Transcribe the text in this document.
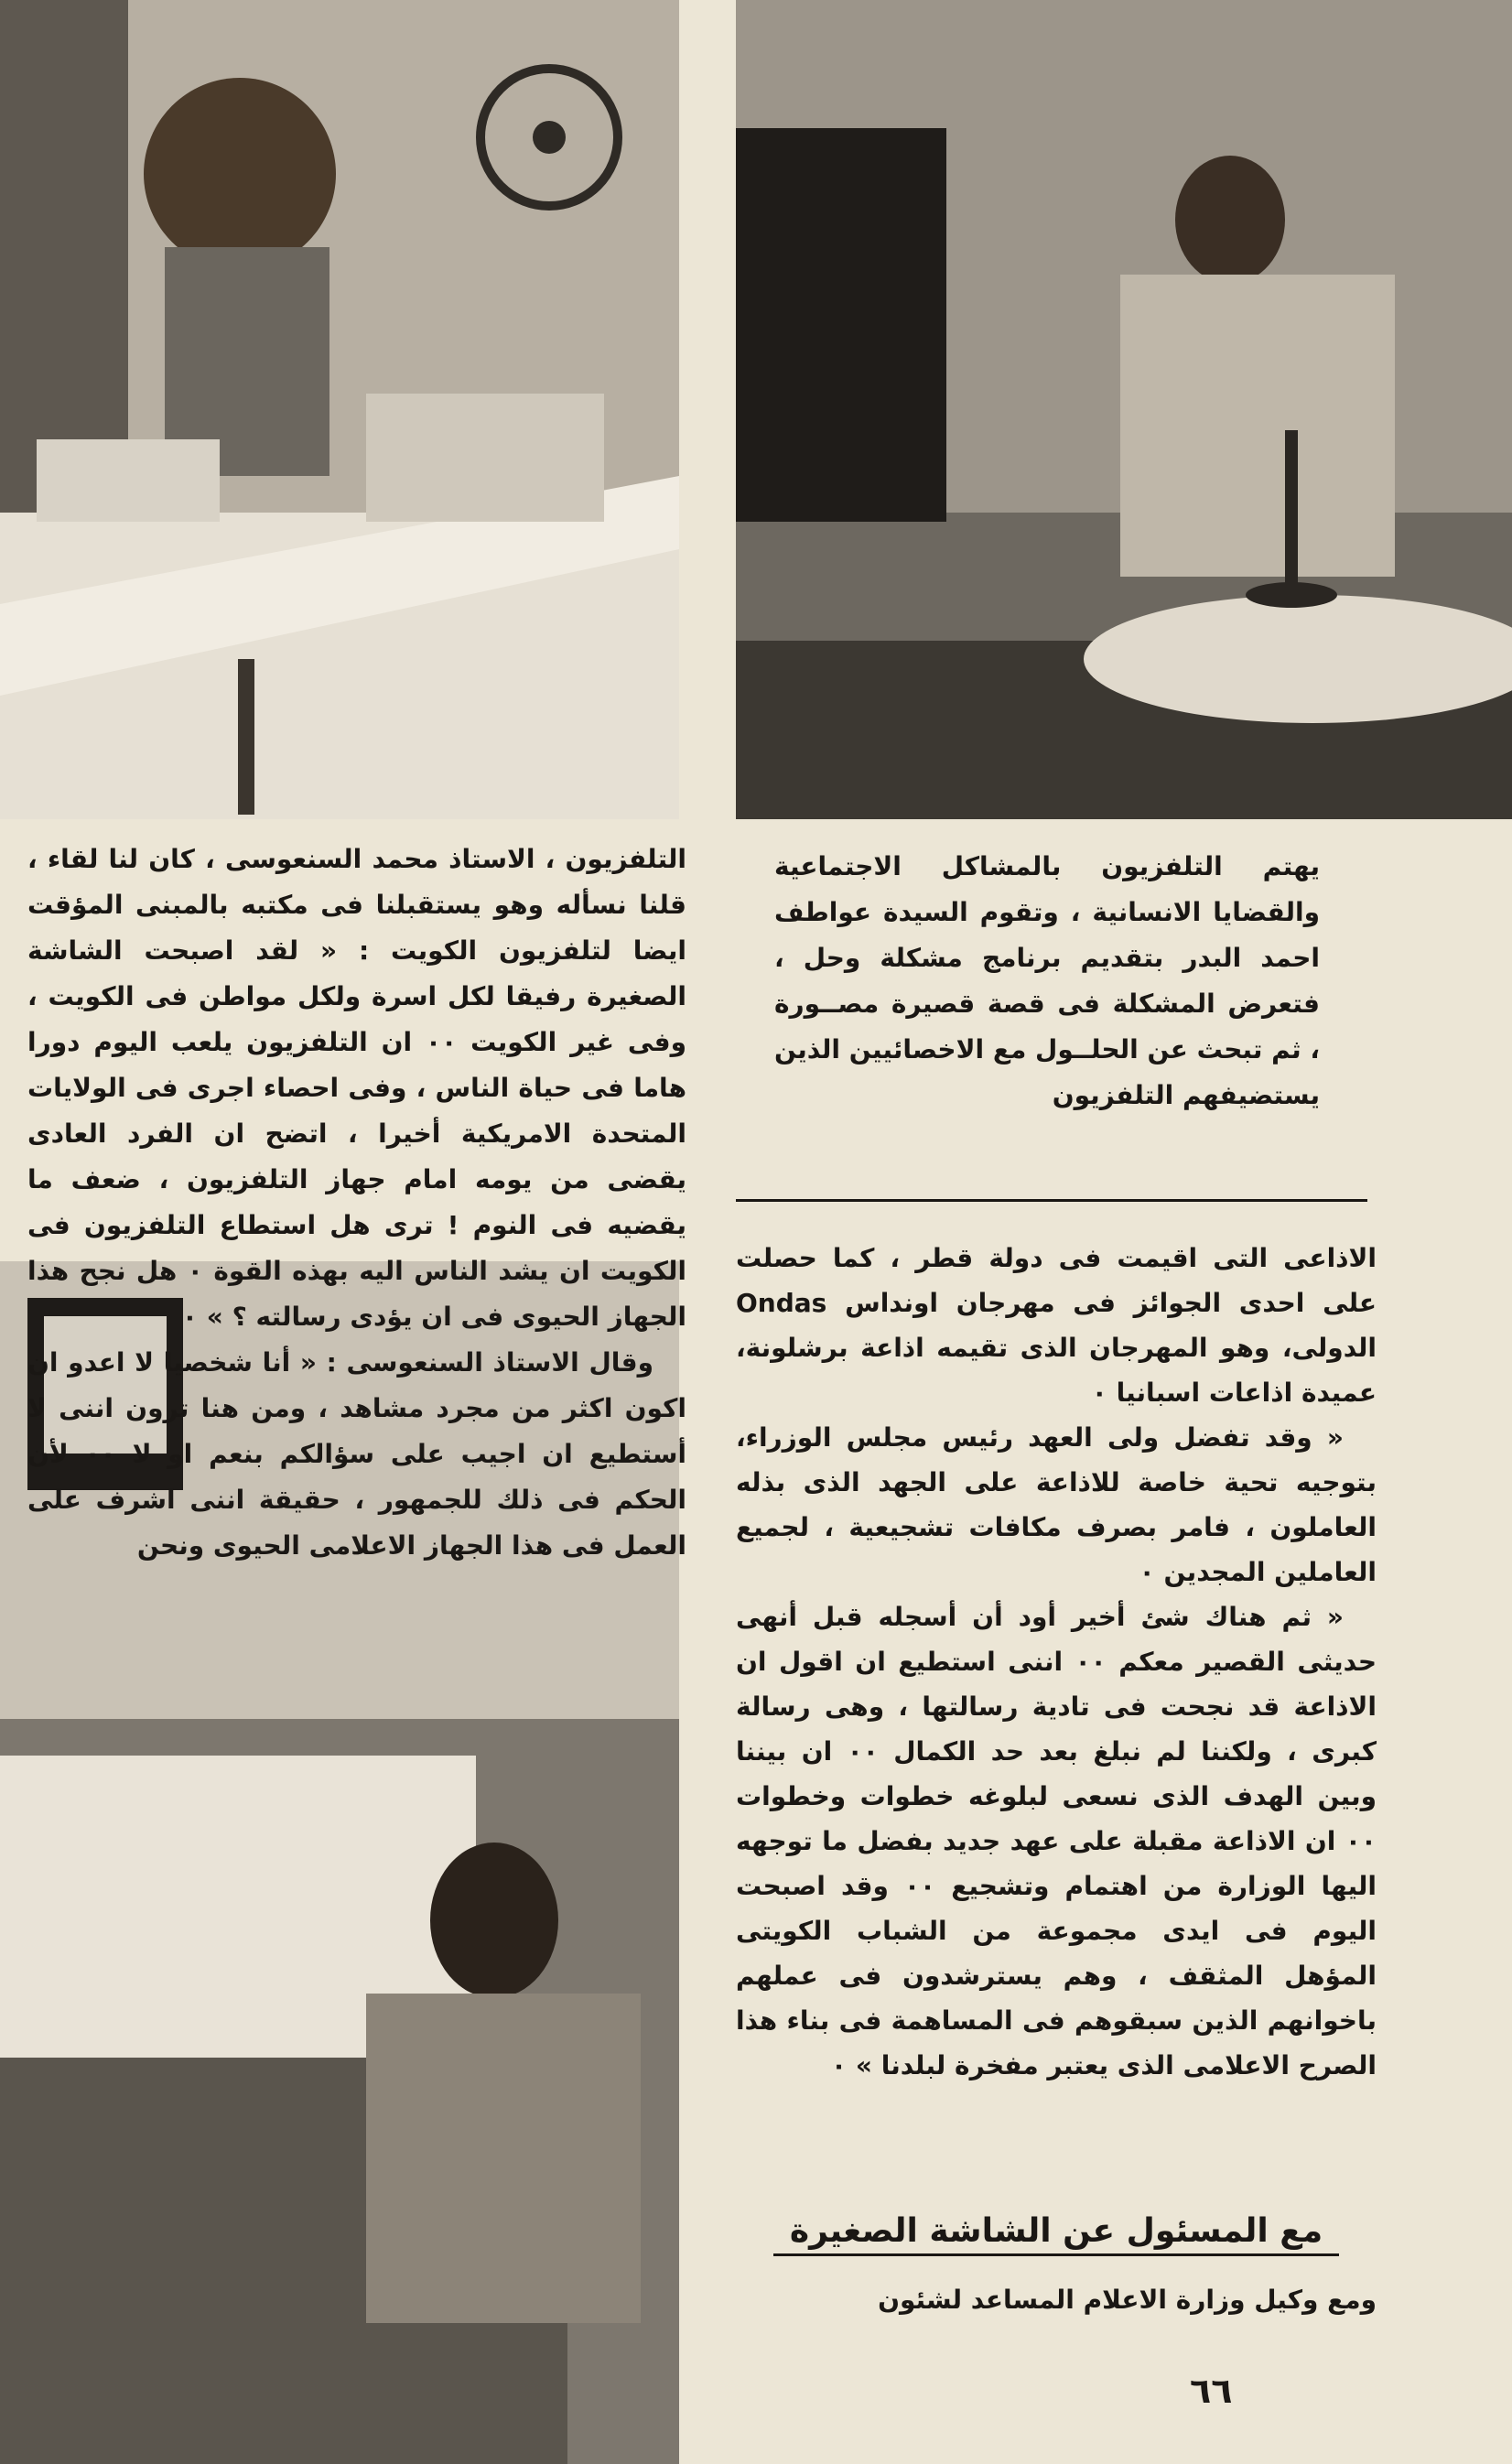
يهتم التلفزيون بالمشاكل الاجتماعية والقضايا الانسانية ، وتقوم السيدة عواطف احمد البدر بتقديم برنامج مشكلة وحل ، فتعرض المشكلة فى قصة قصيرة مصــورة ، ثم تبحث عن الحلــول مع الاخصائيين الذين يستضيفهم التلفزيون

التلفزيون ، الاستاذ محمد السنعوسى ، كان لنا لقاء ، قلنا نسأله وهو يستقبلنا فى مكتبه بالمبنى المؤقت ايضا لتلفزيون الكويت : « لقد اصبحت الشاشة الصغيرة رفيقا لكل اسرة ولكل مواطن فى الكويت ، وفى غير الكويت ٠٠ ان التلفزيون يلعب اليوم دورا هاما فى حياة الناس ، وفى احصاء اجرى فى الولايات المتحدة الامريكية أخيرا ، اتضح ان الفرد العادى يقضى من يومه امام جهاز التلفزيون ، ضعف ما يقضيه فى النوم ! ترى هل استطاع التلفزيون فى الكويت ان يشد الناس اليه بهذه القوة ٠ هل نجح هذا الجهاز الحيوى فى ان يؤدى رسالته ؟ » ٠

وقال الاستاذ السنعوسى : « أنا شخصيا لا اعدو ان اكون اكثر من مجرد مشاهد ، ومن هنا ترون اننى لا أستطيع ان اجيب على سؤالكم بنعم او لا ٠٠ لأن الحكم فى ذلك للجمهور ، حقيقة اننى اشرف على العمل فى هذا الجهاز الاعلامى الحيوى ونحن

الاذاعى التى اقيمت فى دولة قطر ، كما حصلت على احدى الجوائز فى مهرجان اونداس Ondas الدولى، وهو المهرجان الذى تقيمه اذاعة برشلونة، عميدة اذاعات اسبانيا ٠

« وقد تفضل ولى العهد رئيس مجلس الوزراء، بتوجيه تحية خاصة للاذاعة على الجهد الذى بذله العاملون ، فامر بصرف مكافات تشجيعية ، لجميع العاملين المجدين ٠

« ثم هناك شئ أخير أود أن أسجله قبل أنهى حديثى القصير معكم ٠٠ اننى استطيع ان اقول ان الاذاعة قد نجحت فى تادية رسالتها ، وهى رسالة كبرى ، ولكننا لم نبلغ بعد حد الكمال ٠٠ ان بيننا وبين الهدف الذى نسعى لبلوغه خطوات وخطوات ٠٠ ان الاذاعة مقبلة على عهد جديد بفضل ما توجهه اليها الوزارة من اهتمام وتشجيع ٠٠ وقد اصبحت اليوم فى ايدى مجموعة من الشباب الكويتى المؤهل المثقف ، وهم يسترشدون فى عملهم باخوانهم الذين سبقوهم فى المساهمة فى بناء هذا الصرح الاعلامى الذى يعتبر مفخرة لبلدنا » ٠

مع المسئول عن الشاشة الصغيرة

ومع وكيل وزارة الاعلام المساعد لشئون

٦٦
